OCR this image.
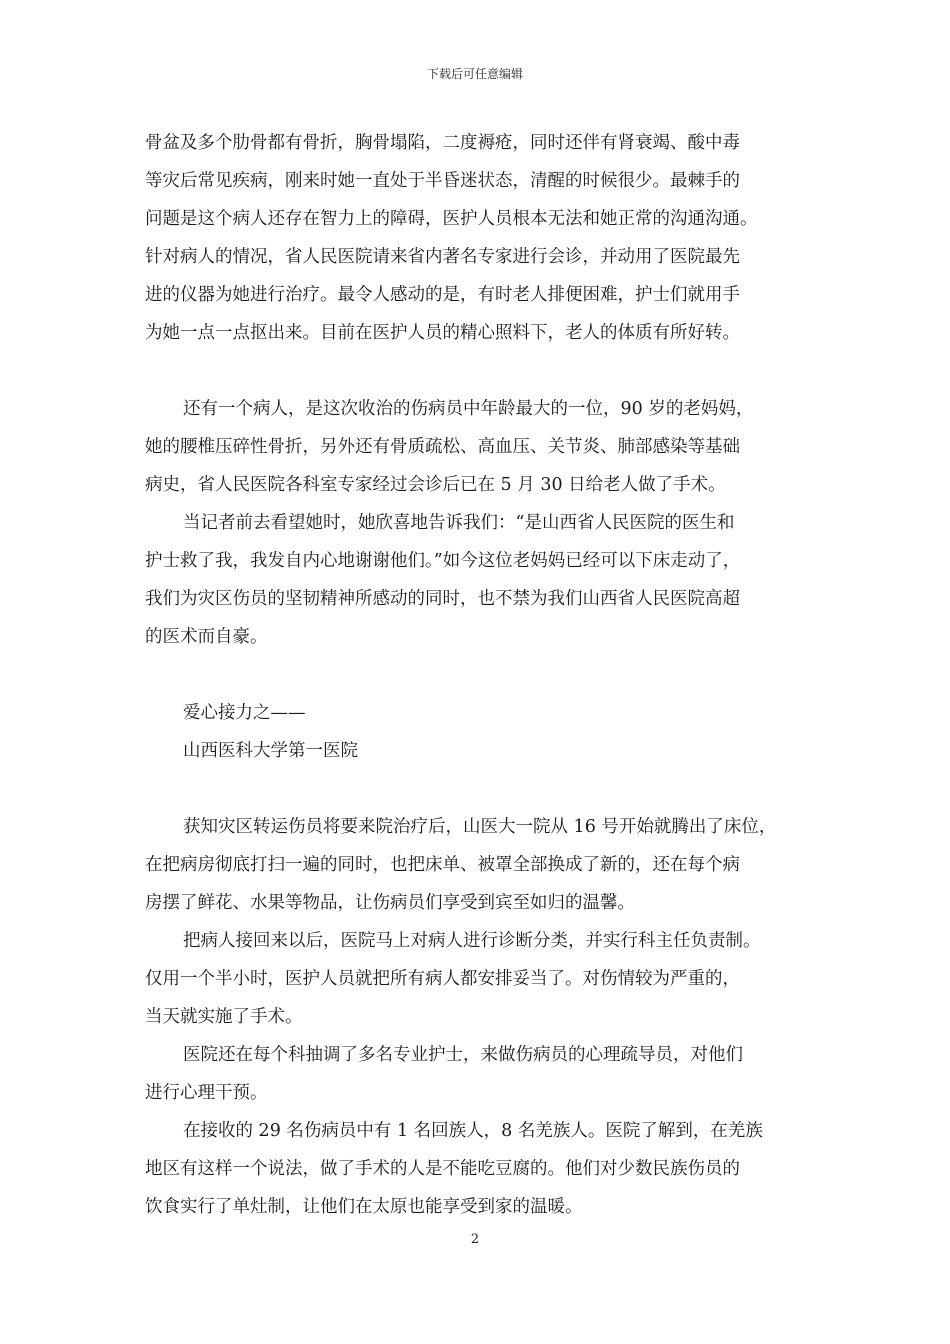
下载后可任意编辑

骨盆及多个肋骨都有骨折，胸骨塌陷，二度褥疮，同时还伴有肾衰竭、酸中毒
等灾后常见疾病，刚来时她一直处于半昏迷状态，清醒的时候很少。最棘手的
问题是这个病人还存在智力上的障碍，医护人员根本无法和她正常的沟通沟通。
针对病人的情况，省人民医院请来省内著名专家进行会诊，并动用了医院最先
进的仪器为她进行治疗。最令人感动的是，有时老人排便困难，护士们就用手
为她一点一点抠出来。目前在医护人员的精心照料下，老人的体质有所好转。

还有一个病人，是这次收治的伤病员中年龄最大的一位，90 岁的老妈妈，
她的腰椎压碎性骨折，另外还有骨质疏松、高血压、关节炎、肺部感染等基础
病史，省人民医院各科室专家经过会诊后已在 5 月 30 日给老人做了手术。

当记者前去看望她时，她欣喜地告诉我们：“是山西省人民医院的医生和
护士救了我，我发自内心地谢谢他们。”如今这位老妈妈已经可以下床走动了，
我们为灾区伤员的坚韧精神所感动的同时，也不禁为我们山西省人民医院高超
的医术而自豪。

爱心接力之——
山西医科大学第一医院

获知灾区转运伤员将要来院治疗后，山医大一院从 16 号开始就腾出了床位，
在把病房彻底打扫一遍的同时，也把床单、被罩全部换成了新的，还在每个病
房摆了鲜花、水果等物品，让伤病员们享受到宾至如归的温馨。

把病人接回来以后，医院马上对病人进行诊断分类，并实行科主任负责制。
仅用一个半小时，医护人员就把所有病人都安排妥当了。对伤情较为严重的，
当天就实施了手术。

医院还在每个科抽调了多名专业护士，来做伤病员的心理疏导员，对他们
进行心理干预。

在接收的 29 名伤病员中有 1 名回族人，8 名羌族人。医院了解到，在羌族
地区有这样一个说法，做了手术的人是不能吃豆腐的。他们对少数民族伤员的
饮食实行了单灶制，让他们在太原也能享受到家的温暖。

2
